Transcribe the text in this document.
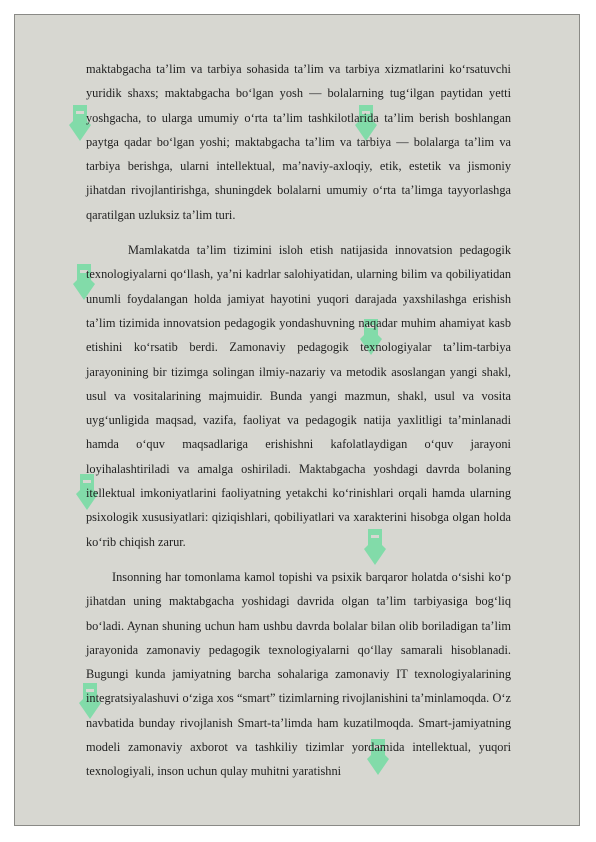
maktabgacha ta’lim va tarbiya sohasida ta’lim va tarbiya xizmatlarini ko‘rsatuvchi yuridik shaxs; maktabgacha bo‘lgan yosh — bolalarning tug‘ilgan paytidan yetti yoshgacha, to ularga umumiy o‘rta ta’lim tashkilotlarida ta’lim berish boshlangan paytga qadar bo‘lgan yoshi; maktabgacha ta’lim va tarbiya — bolalarga ta’lim va tarbiya berishga, ularni intellektual, ma’naviy-axloqiy, etik, estetik va jismoniy jihatdan rivojlantirishga, shuningdek bolalarni umumiy o‘rta ta’limga tayyorlashga qaratilgan uzluksiz ta’lim turi.

Mamlakatda ta’lim tizimini isloh etish natijasida innovatsion pedagogik texnologiyalarni qo‘llash, ya’ni kadrlar salohiyatidan, ularning bilim va qobiliyatidan unumli foydalangan holda jamiyat hayotini yuqori darajada yaxshilashga erishish ta’lim tizimida innovatsion pedagogik yondashuvning naqadar muhim ahamiyat kasb etishini ko‘rsatib berdi. Zamonaviy pedagogik texnologiyalar ta’lim-tarbiya jarayonining bir tizimga solingan ilmiy-nazariy va metodik asoslangan yangi shakl, usul va vositalarining majmuidir. Bunda yangi mazmun, shakl, usul va vosita uyg‘unligida maqsad, vazifa, faoliyat va pedagogik natija yaxlitligi ta’minlanadi hamda o‘quv maqsadlariga erishishni kafolatlaydigan o‘quv jarayoni loyihalashtiriladi va amalga oshiriladi. Maktabgacha yoshdagi davrda bolaning itellektual imkoniyatlarini faoliyatning yetakchi ko‘rinishlari orqali hamda ularning psixologik xususiyatlari: qiziqishlari, qobiliyatlari va xarakterini hisobga olgan holda ko‘rib chiqish zarur.

Insonning har tomonlama kamol topishi va psixik barqaror holatda o‘sishi ko‘p jihatdan uning maktabgacha yoshidagi davrida olgan ta’lim tarbiyasiga bog‘liq bo‘ladi. Aynan shuning uchun ham ushbu davrda bolalar bilan olib boriladigan ta’lim jarayonida zamonaviy pedagogik texnologiyalarni qo‘llay samarali hisoblanadi. Bugungi kunda jamiyatning barcha sohalariga zamonaviy IT texnologiyalarining integratsiyalashuvi o‘ziga xos “smart” tizimlarning rivojlanishini ta’minlamoqda. O‘z navbatida bunday rivojlanish Smart-ta’limda ham kuzatilmoqda. Smart-jamiyatning modeli zamonaviy axborot va tashkiliy tizimlar yordamida intellektual, yuqori texnologiyali, inson uchun qulay muhitni yaratishni
